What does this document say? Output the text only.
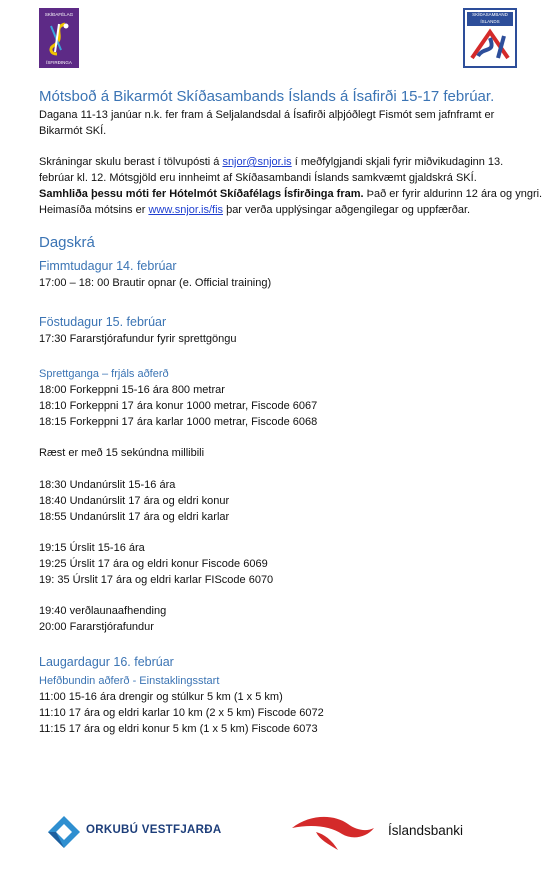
SKÍÐAFÉLAG
ÍSFIRÐINGA
SKÍÐASAMBAND
ÍSLANDS
Mótsboð á Bikarmót Skíðasambands Íslands á Ísafirði 15-17 febrúar.
Dagana 11-13 janúar n.k. fer fram á Seljalandsdal á Ísafirði alþjóðlegt Fismót sem jafnframt er
Bikarmót SKÍ.
Skráningar skulu berast í tölvupósti á snjor@snjor.is í meðfylgjandi skjali fyrir miðvikudaginn 13.
febrúar kl. 12. Mótsgjöld eru innheimt af Skíðasambandi Íslands samkvæmt gjaldskrá SKÍ.
Samhliða þessu móti fer Hótelmót Skíðafélags Ísfirðinga fram. Það er fyrir aldurinn 12 ára og yngri.
Heimasíða mótsins er www.snjor.is/fis þar verða upplýsingar aðgengilegar og uppfærðar.
Dagskrá
Fimmtudagur 14. febrúar
17:00 – 18: 00 Brautir opnar (e. Official training)
Föstudagur 15. febrúar
17:30 Fararstjórafundur fyrir sprettgöngu
Sprettganga – frjáls aðferð
18:00 Forkeppni 15-16 ára 800 metrar
18:10 Forkeppni 17 ára konur 1000 metrar, Fiscode 6067
18:15 Forkeppni 17 ára karlar 1000 metrar, Fiscode 6068
Ræst er með 15 sekúndna millibili
18:30 Undanúrslit 15-16 ára
18:40 Undanúrslit 17 ára og eldri konur
18:55 Undanúrslit 17 ára og eldri karlar
19:15 Úrslit 15-16 ára
19:25 Úrslit 17 ára og eldri konur Fiscode 6069
19: 35 Úrslit 17 ára og eldri karlar FIScode 6070
19:40 verðlaunaafhending
20:00 Fararstjórafundur
Laugardagur 16. febrúar
Hefðbundin aðferð - Einstaklingsstart
11:00 15-16 ára drengir og stúlkur 5 km (1 x 5 km)
11:10 17 ára og eldri karlar 10 km (2 x 5 km) Fiscode 6072
11:15 17 ára og eldri konur 5 km (1 x 5 km) Fiscode 6073
ORKUBÚ VESTFJARÐA	Íslandsbanki
